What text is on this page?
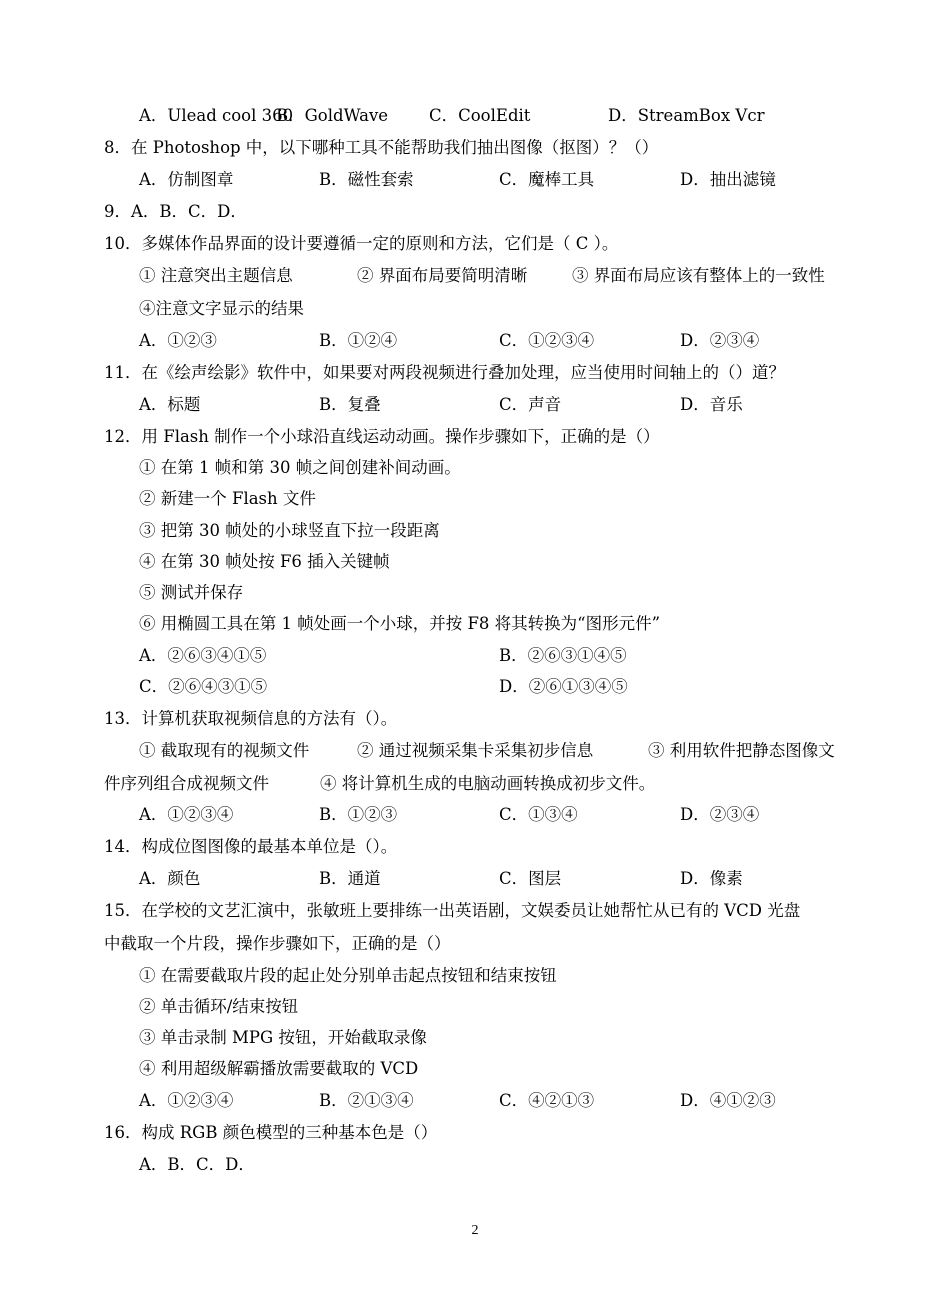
A．Ulead cool 360
B．GoldWave C．CoolEdit	D．StreamBox Vcr
8．在 Photoshop 中，以下哪种工具不能帮助我们抽出图像（抠图）？（）
A．仿制图章	B．磁性套索	C．魔棒工具	D．抽出滤镜
9．A．B．C．D．
10．多媒体作品界面的设计要遵循一定的原则和方法，它们是（ C ）。
① 注意突出主题信息	② 界面布局要简明清晰	③ 界面布局应该有整体上的一致性
④注意文字显示的结果
A．①②③	B．①②④	C．①②③④	D．②③④
11．在《绘声绘影》软件中，如果要对两段视频进行叠加处理，应当使用时间轴上的（）道？
A．标题	B．复叠	C．声音	D．音乐
12．用 Flash 制作一个小球沿直线运动动画。操作步骤如下，正确的是（）
① 在第 1 帧和第 30 帧之间创建补间动画。
② 新建一个 Flash 文件
③ 把第 30 帧处的小球竖直下拉一段距离
④ 在第 30 帧处按 F6 插入关键帧
⑤ 测试并保存
⑥ 用椭圆工具在第 1 帧处画一个小球，并按 F8 将其转换为“图形元件”
A．②⑥③④①⑤	B．②⑥③①④⑤
C．②⑥④③①⑤	D．②⑥①③④⑤
13．计算机获取视频信息的方法有（）。
① 截取现有的视频文件	② 通过视频采集卡采集初步信息	③ 利用软件把静态图像文
件序列组合成视频文件	④ 将计算机生成的电脑动画转换成初步文件。
A．①②③④	B．①②③	C．①③④	D．②③④
14．构成位图图像的最基本单位是（）。
A．颜色	B．通道	C．图层	D．像素
15．在学校的文艺汇演中，张敏班上要排练一出英语剧，文娱委员让她帮忙从已有的 VCD 光盘
中截取一个片段，操作步骤如下，正确的是（）
① 在需要截取片段的起止处分别单击起点按钮和结束按钮
② 单击循环/结束按钮
③ 单击录制 MPG 按钮，开始截取录像
④ 利用超级解霸播放需要截取的 VCD
A．①②③④	B．②①③④	C．④②①③	D．④①②③
16．构成 RGB 颜色模型的三种基本色是（）
A．B．C．D．
2
